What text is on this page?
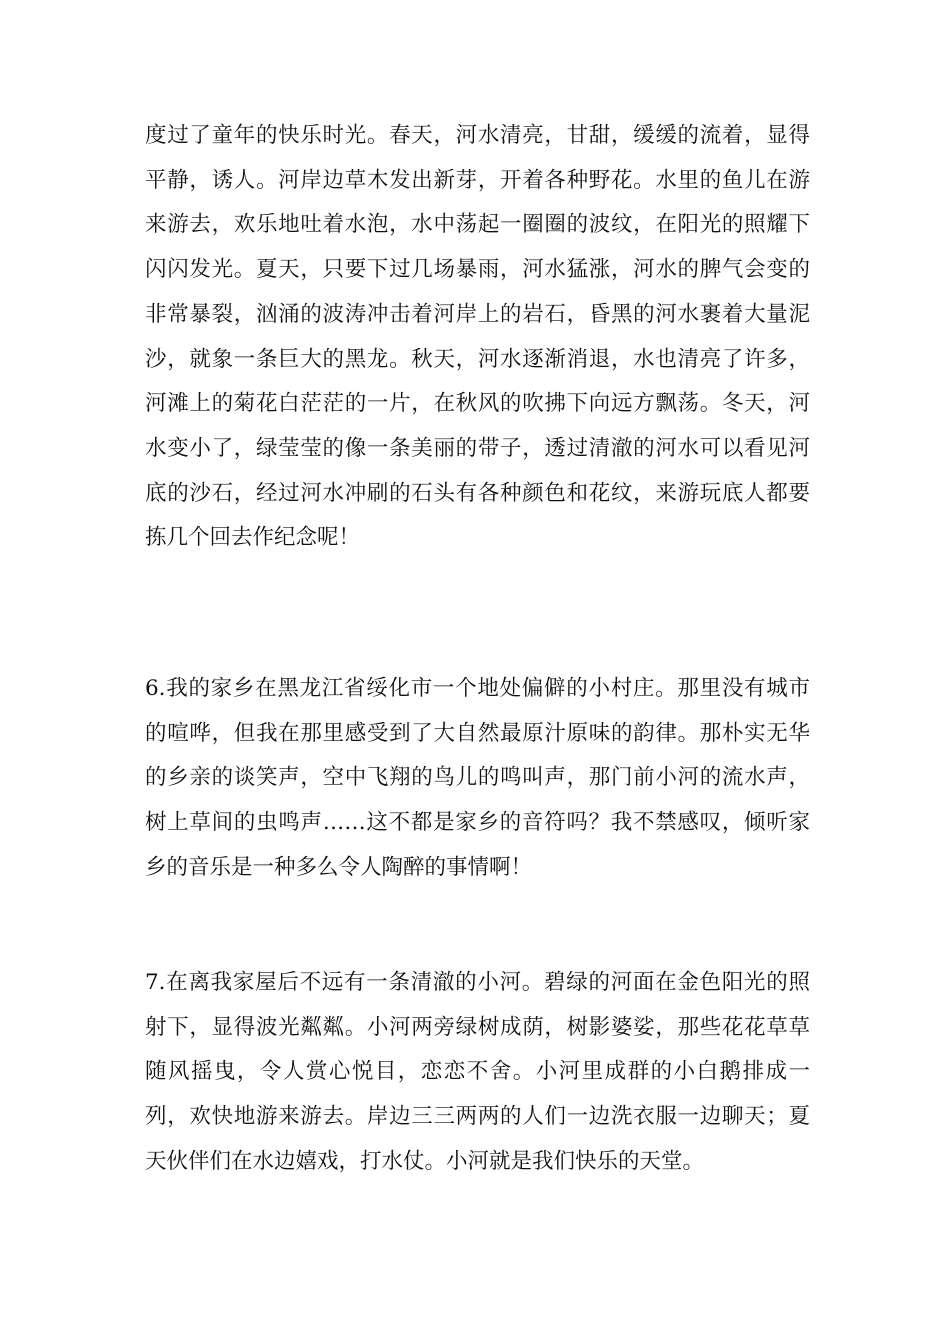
度过了童年的快乐时光。春天，河水清亮，甘甜，缓缓的流着，显得平静，诱人。河岸边草木发出新芽，开着各种野花。水里的鱼儿在游来游去，欢乐地吐着水泡，水中荡起一圈圈的波纹，在阳光的照耀下闪闪发光。夏天，只要下过几场暴雨，河水猛涨，河水的脾气会变的非常暴裂，汹涌的波涛冲击着河岸上的岩石，昏黑的河水裹着大量泥沙，就象一条巨大的黑龙。秋天，河水逐渐消退，水也清亮了许多，河滩上的菊花白茫茫的一片，在秋风的吹拂下向远方飘荡。冬天，河水变小了，绿莹莹的像一条美丽的带子，透过清澈的河水可以看见河底的沙石，经过河水冲刷的石头有各种颜色和花纹，来游玩底人都要拣几个回去作纪念呢！

6.我的家乡在黑龙江省绥化市一个地处偏僻的小村庄。那里没有城市的喧哗，但我在那里感受到了大自然最原汁原味的韵律。那朴实无华的乡亲的谈笑声，空中飞翔的鸟儿的鸣叫声，那门前小河的流水声，树上草间的虫鸣声……这不都是家乡的音符吗？我不禁感叹，倾听家乡的音乐是一种多么令人陶醉的事情啊！

7.在离我家屋后不远有一条清澈的小河。碧绿的河面在金色阳光的照射下，显得波光粼粼。小河两旁绿树成荫，树影婆娑，那些花花草草随风摇曳，令人赏心悦目，恋恋不舍。小河里成群的小白鹅排成一列，欢快地游来游去。岸边三三两两的人们一边洗衣服一边聊天；夏天伙伴们在水边嬉戏，打水仗。小河就是我们快乐的天堂。
